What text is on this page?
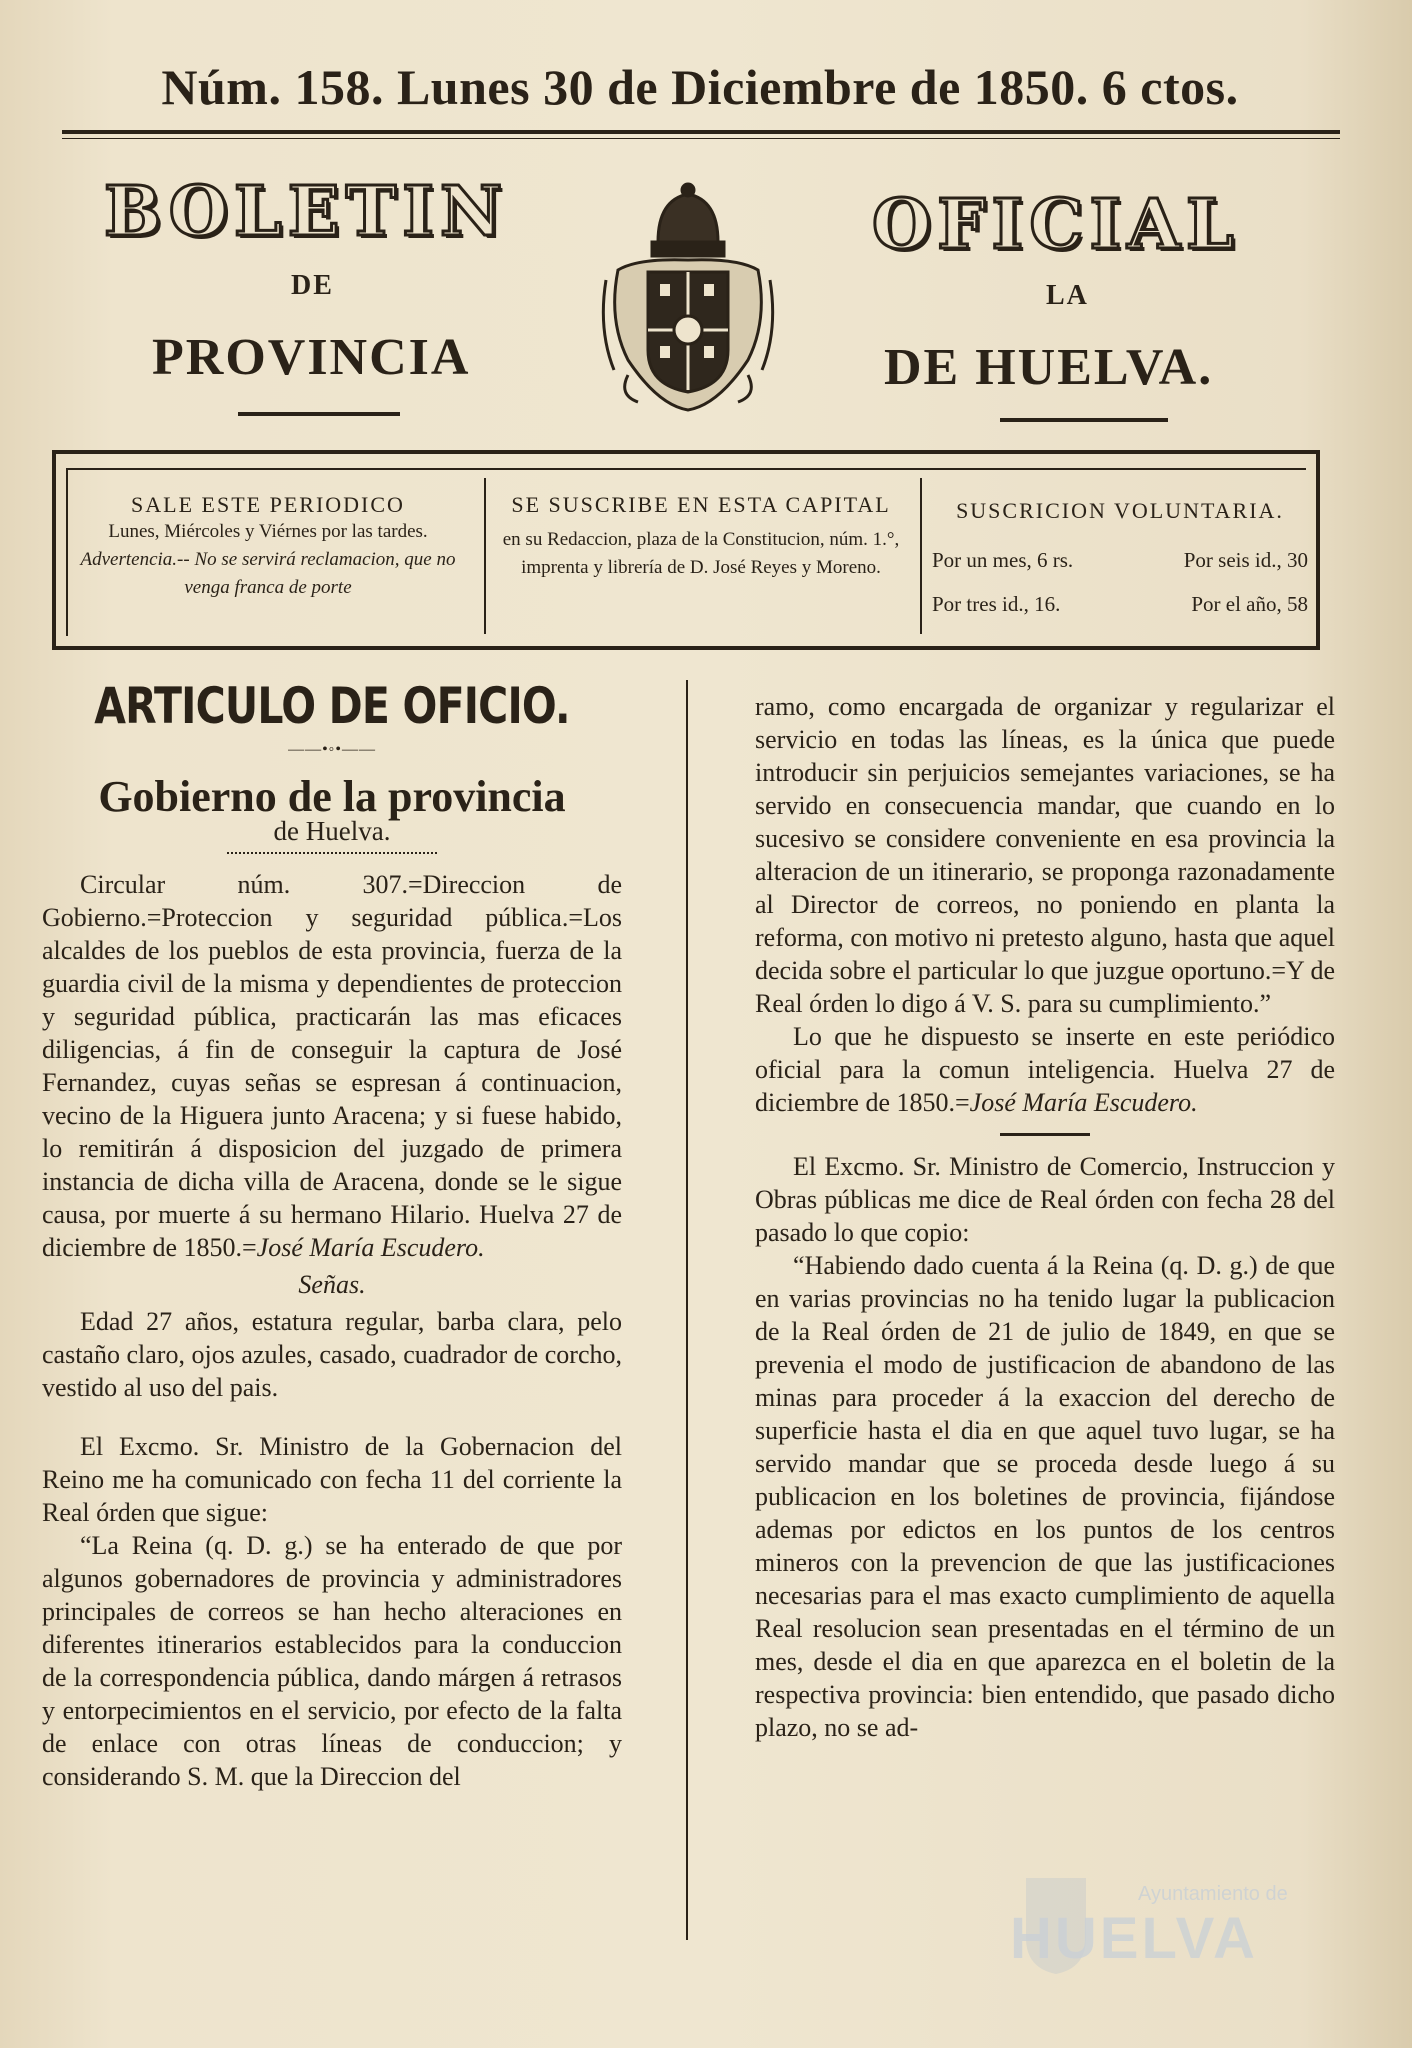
Núm. 158. Lunes 30 de Diciembre de 1850. 6 ctos.
BOLETIN	OFICIAL
DE	LA
PROVINCIA	DE HUELVA.
SALE ESTE PERIODICO
Lunes, Miércoles y Viérnes por las tardes.
Advertencia.-- No se servirá reclamacion, que no venga franca de porte
SE SUSCRIBE EN ESTA CAPITAL
en su Redaccion, plaza de la Constitucion, núm. 1.°, imprenta y librería de D. José Reyes y Moreno.
SUSCRICION VOLUNTARIA.
Por un mes, 6 rs.	Por seis id., 30
Por tres id., 16.	Por el año, 58
ARTICULO DE OFICIO.
——•◦•——
Gobierno de la provincia
de Huelva.

Circular núm. 307.=Direccion de Gobierno.=Proteccion y seguridad pública.=Los alcaldes de los pueblos de esta provincia, fuerza de la guardia civil de la misma y dependientes de proteccion y seguridad pública, practicarán las mas eficaces diligencias, á fin de conseguir la captura de José Fernandez, cuyas señas se espresan á continuacion, vecino de la Higuera junto Aracena; y si fuese habido, lo remitirán á disposicion del juzgado de primera instancia de dicha villa de Aracena, donde se le sigue causa, por muerte á su hermano Hilario. Huelva 27 de diciembre de 1850.=José María Escudero.

Señas.

Edad 27 años, estatura regular, barba clara, pelo castaño claro, ojos azules, casado, cuadrador de corcho, vestido al uso del pais.

El Excmo. Sr. Ministro de la Gobernacion del Reino me ha comunicado con fecha 11 del corriente la Real órden que sigue:

“La Reina (q. D. g.) se ha enterado de que por algunos gobernadores de provincia y administradores principales de correos se han hecho alteraciones en diferentes itinerarios establecidos para la conduccion de la correspondencia pública, dando márgen á retrasos y entorpecimientos en el servicio, por efecto de la falta de enlace con otras líneas de conduccion; y considerando S. M. que la Direccion del

ramo, como encargada de organizar y regularizar el servicio en todas las líneas, es la única que puede introducir sin perjuicios semejantes variaciones, se ha servido en consecuencia mandar, que cuando en lo sucesivo se considere conveniente en esa provincia la alteracion de un itinerario, se proponga razonadamente al Director de correos, no poniendo en planta la reforma, con motivo ni pretesto alguno, hasta que aquel decida sobre el particular lo que juzgue oportuno.=Y de Real órden lo digo á V. S. para su cumplimiento.”

Lo que he dispuesto se inserte en este periódico oficial para la comun inteligencia. Huelva 27 de diciembre de 1850.=José María Escudero.

El Excmo. Sr. Ministro de Comercio, Instruccion y Obras públicas me dice de Real órden con fecha 28 del pasado lo que copio:

“Habiendo dado cuenta á la Reina (q. D. g.) de que en varias provincias no ha tenido lugar la publicacion de la Real órden de 21 de julio de 1849, en que se prevenia el modo de justificacion de abandono de las minas para proceder á la exaccion del derecho de superficie hasta el dia en que aquel tuvo lugar, se ha servido mandar que se proceda desde luego á su publicacion en los boletines de provincia, fijándose ademas por edictos en los puntos de los centros mineros con la prevencion de que las justificaciones necesarias para el mas exacto cumplimiento de aquella Real resolucion sean presentadas en el término de un mes, desde el dia en que aparezca en el boletin de la respectiva provincia: bien entendido, que pasado dicho plazo, no se ad-

Ayuntamiento de
HUELVA
